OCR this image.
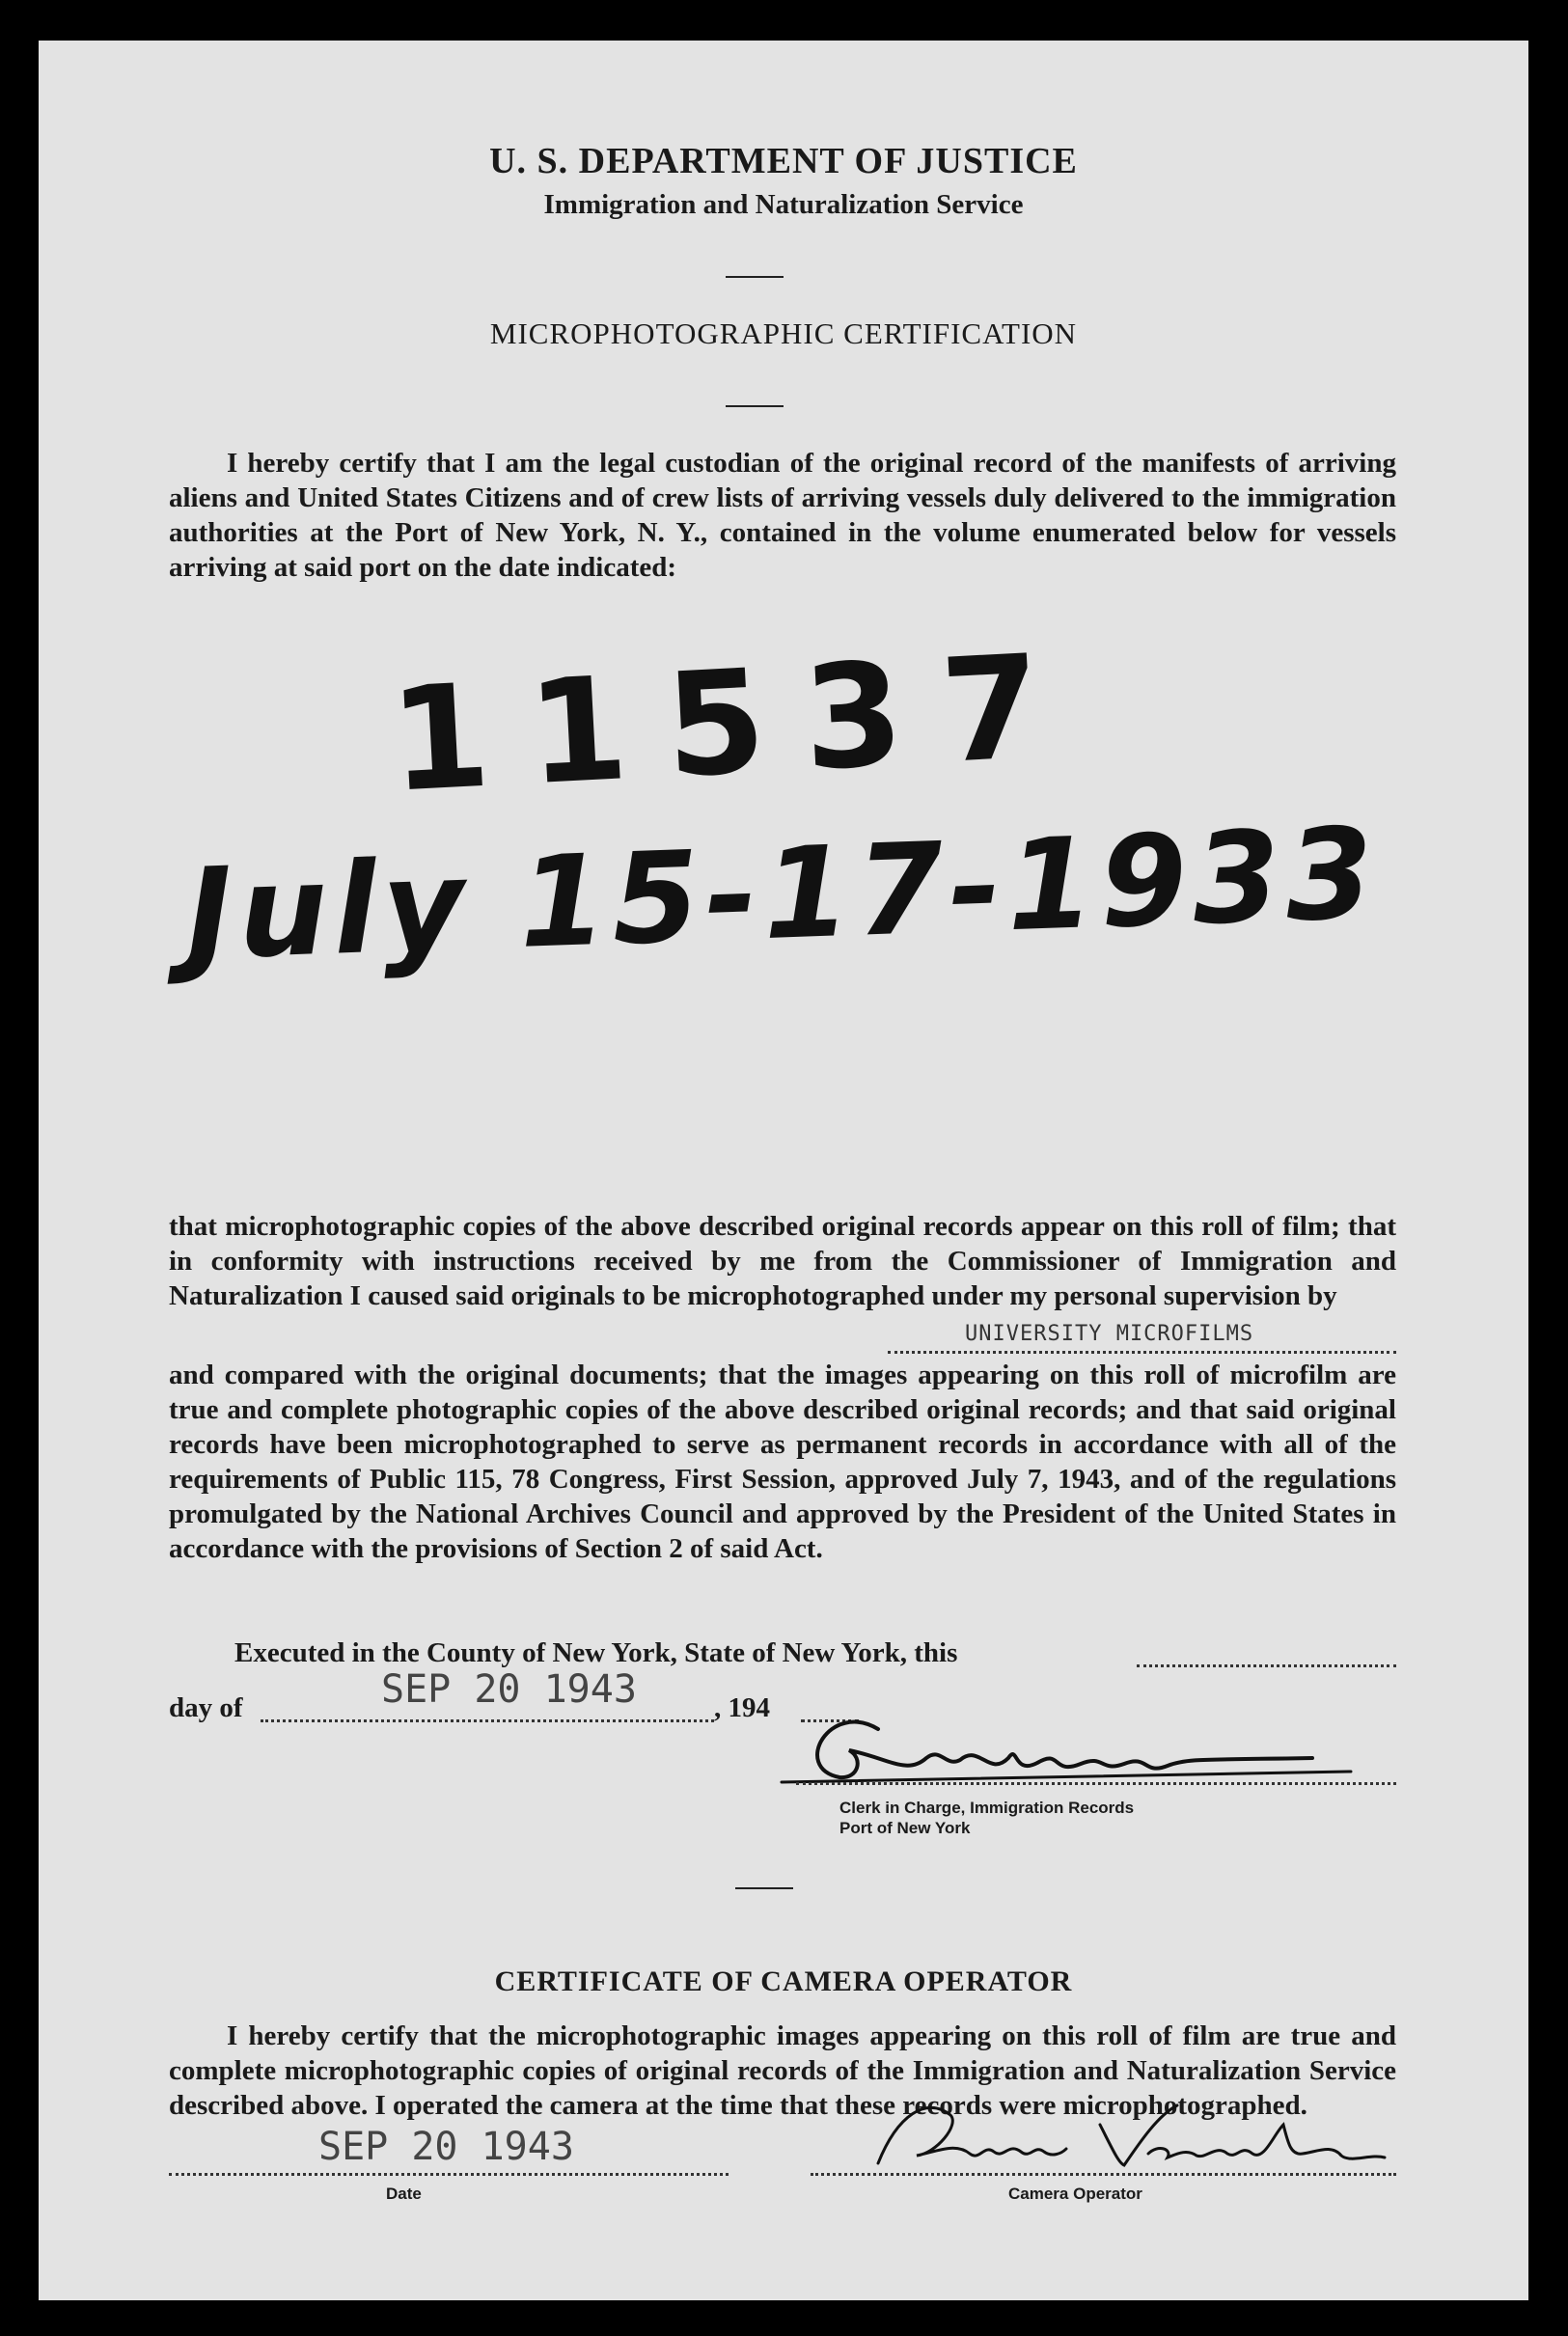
U. S. DEPARTMENT OF JUSTICE
Immigration and Naturalization Service
MICROPHOTOGRAPHIC CERTIFICATION
I hereby certify that I am the legal custodian of the original record of the manifests of arriving aliens and United States Citizens and of crew lists of arriving vessels duly delivered to the immigration authorities at the Port of New York, N. Y., contained in the volume enumerated below for vessels arriving at said port on the date indicated:
11537
July 15-17-1933
that microphotographic copies of the above described original records appear on this roll of film; that in conformity with instructions received by me from the Commissioner of Immigration and Naturalization I caused said originals to be microphotographed under my personal supervision by
UNIVERSITY MICROFILMS
and compared with the original documents; that the images appearing on this roll of microfilm are true and complete photographic copies of the above described original records; and that said original records have been microphotographed to serve as permanent records in accordance with all of the requirements of Public 115, 78 Congress, First Session, approved July 7, 1943, and of the regulations promulgated by the National Archives Council and approved by the President of the United States in accordance with the provisions of Section 2 of said Act.
Executed in the County of New York, State of New York, this
day of	SEP 20 1943	, 194
Clerk in Charge, Immigration Records
Port of New York
CERTIFICATE OF CAMERA OPERATOR
I hereby certify that the microphotographic images appearing on this roll of film are true and complete microphotographic copies of original records of the Immigration and Naturalization Service described above. I operated the camera at the time that these records were microphotographed.
SEP 20 1943
Date	Camera Operator
